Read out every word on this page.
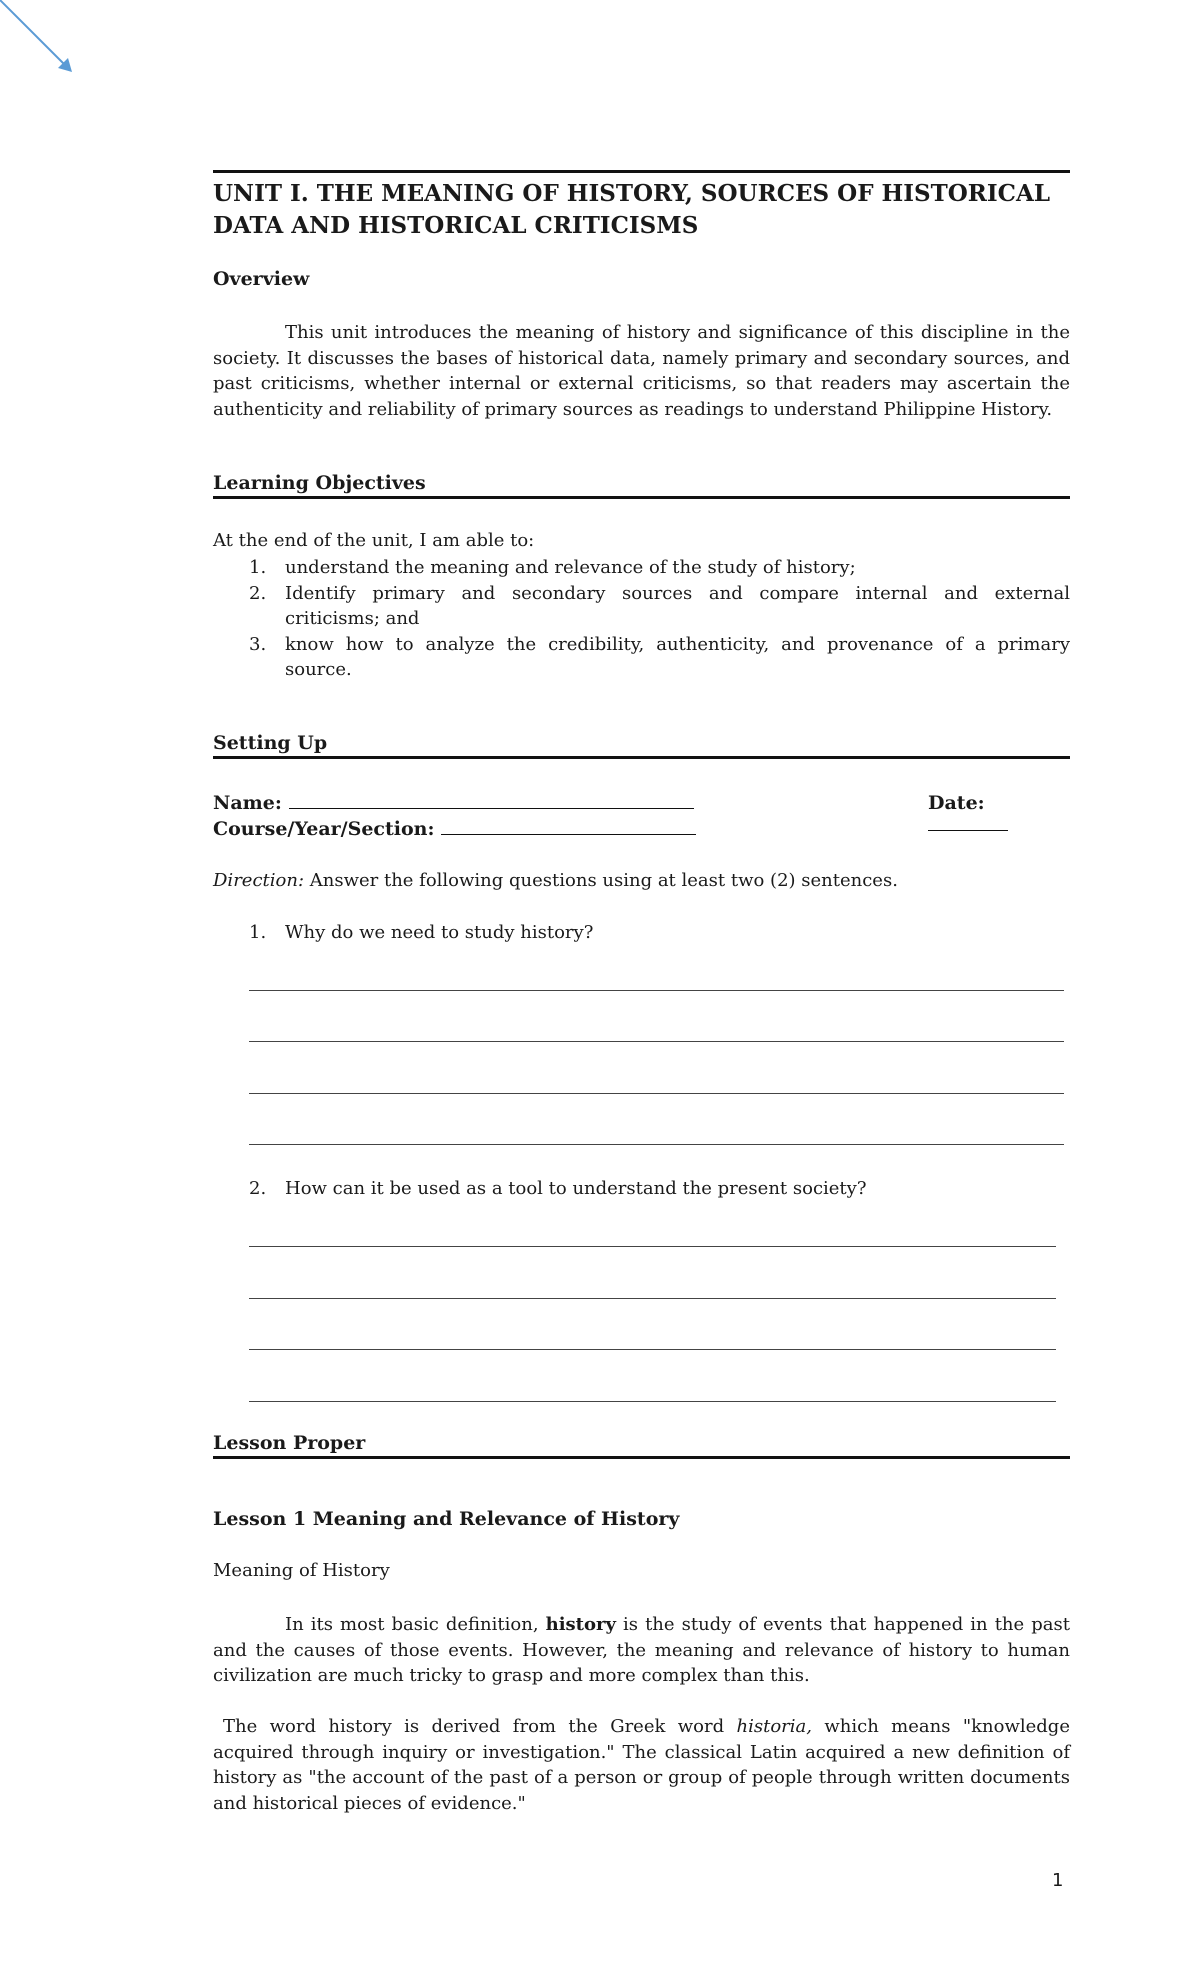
UNIT I. THE MEANING OF HISTORY, SOURCES OF HISTORICAL DATA AND HISTORICAL CRITICISMS
Overview

This unit introduces the meaning of history and significance of this discipline in the society. It discusses the bases of historical data, namely primary and secondary sources, and past criticisms, whether internal or external criticisms, so that readers may ascertain the authenticity and reliability of primary sources as readings to understand Philippine History.

Learning Objectives
At the end of the unit, I am able to:
1. understand the meaning and relevance of the study of history;
2. Identify primary and secondary sources and compare internal and external criticisms; and
3. know how to analyze the credibility, authenticity, and provenance of a primary source.
Setting Up
Name:	Date:
Course/Year/Section:
Direction: Answer the following questions using at least two (2) sentences.
1. Why do we need to study history?
2. How can it be used as a tool to understand the present society?
Lesson Proper
Lesson 1 Meaning and Relevance of History
Meaning of History

In its most basic definition, history is the study of events that happened in the past and the causes of those events. However, the meaning and relevance of history to human civilization are much tricky to grasp and more complex than this.

The word history is derived from the Greek word historia, which means "knowledge acquired through inquiry or investigation." The classical Latin acquired a new definition of history as "the account of the past of a person or group of people through written documents and historical pieces of evidence."

1
